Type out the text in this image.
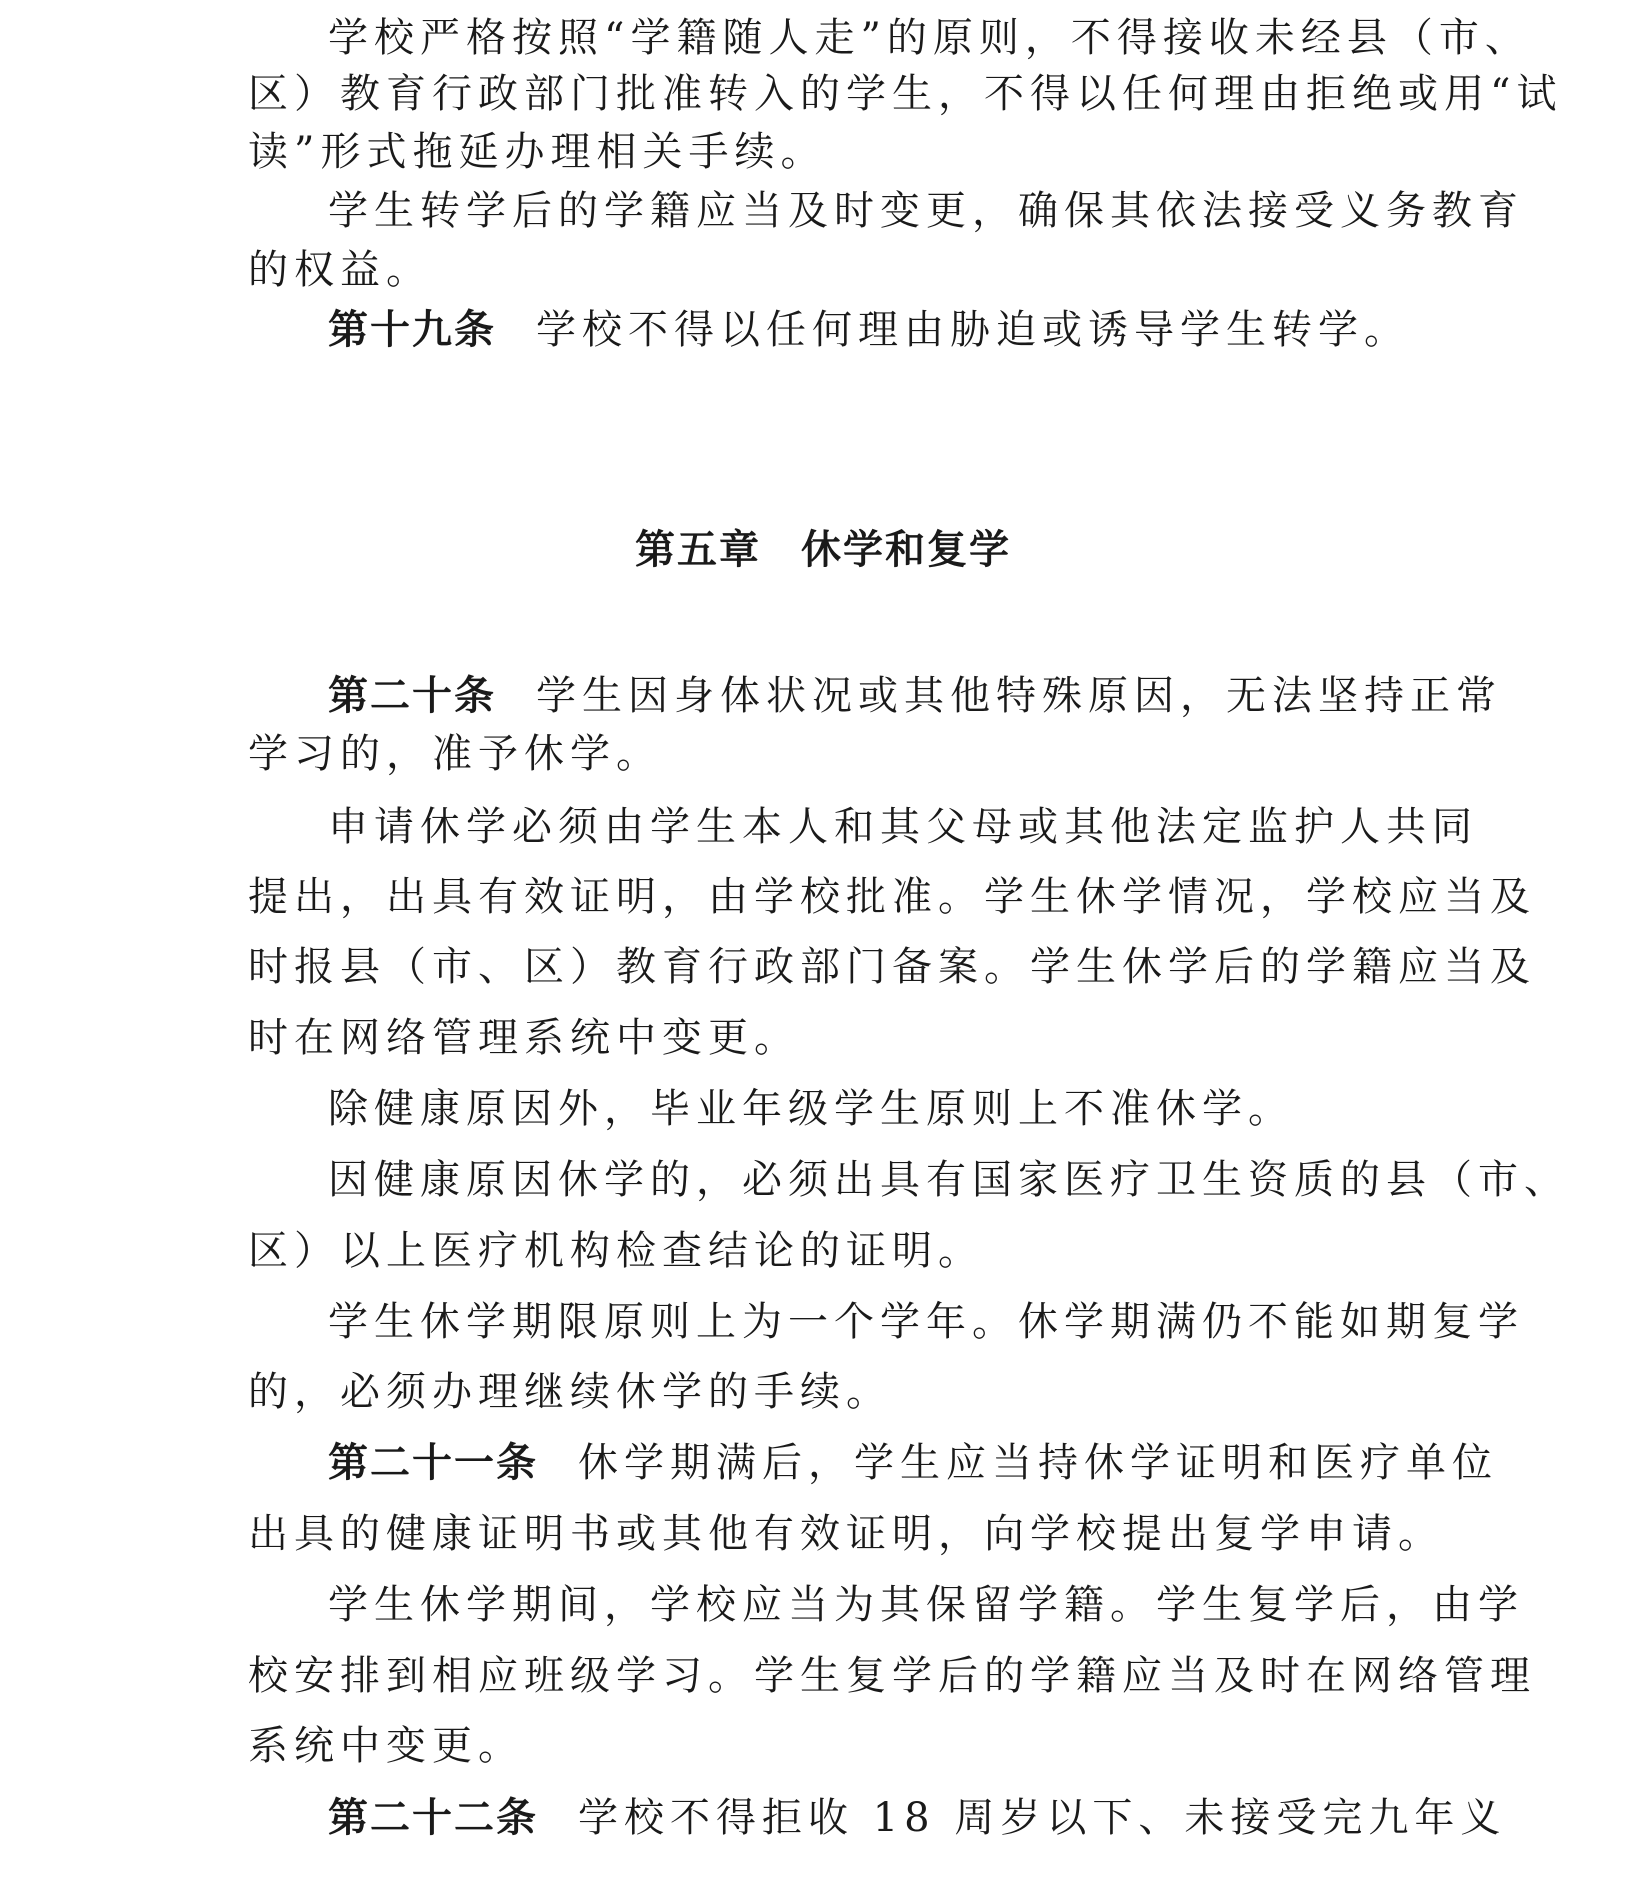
学校严格按照“学籍随人走”的原则，不得接收未经县（市、
区）教育行政部门批准转入的学生，不得以任何理由拒绝或用“试
读”形式拖延办理相关手续。
学生转学后的学籍应当及时变更，确保其依法接受义务教育
的权益。
第十九条 学校不得以任何理由胁迫或诱导学生转学。
第五章 休学和复学
第二十条 学生因身体状况或其他特殊原因，无法坚持正常
学习的，准予休学。
申请休学必须由学生本人和其父母或其他法定监护人共同
提出，出具有效证明，由学校批准。学生休学情况，学校应当及
时报县（市、区）教育行政部门备案。学生休学后的学籍应当及
时在网络管理系统中变更。
除健康原因外，毕业年级学生原则上不准休学。
因健康原因休学的，必须出具有国家医疗卫生资质的县（市、
区）以上医疗机构检查结论的证明。
学生休学期限原则上为一个学年。休学期满仍不能如期复学
的，必须办理继续休学的手续。
第二十一条 休学期满后，学生应当持休学证明和医疗单位
出具的健康证明书或其他有效证明，向学校提出复学申请。
学生休学期间，学校应当为其保留学籍。学生复学后，由学
校安排到相应班级学习。学生复学后的学籍应当及时在网络管理
系统中变更。
第二十二条 学校不得拒收 18 周岁以下、未接受完九年义
